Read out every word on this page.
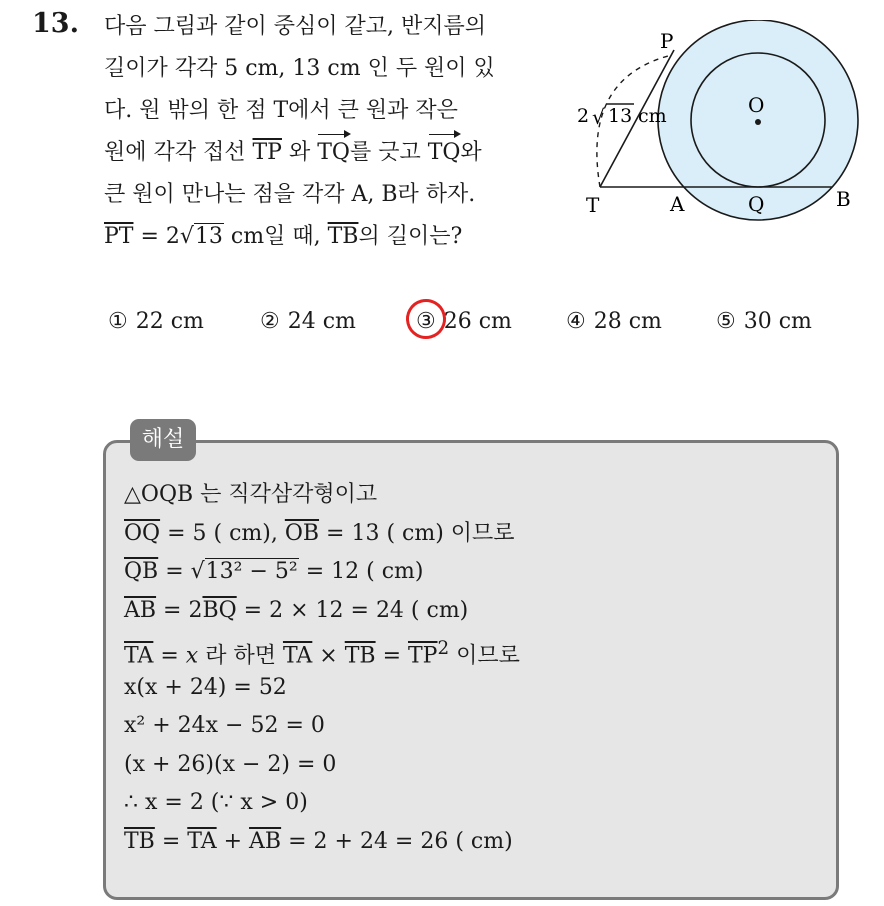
13. 다음 그림과 같이 중심이 같고, 반지름의
길이가 각각 5 cm, 13 cm 인 두 원이 있
다. 원 밖의 한 점 T에서 큰 원과 작은
원에 각각 접선 $\overline{TP}$ 와 TQ를 긋고 TQ와
큰 원이 만나는 점을 각각 A, B라 하자.
$\overline{PT} = 2√13$ cm일 때, $\overline{TB}$의 길이는?
P
O
T	A	Q	B
2 √ 13 cm
① 22 cm	② 24 cm	③ 26 cm ④ 28 cm ⑤ 30 cm
해설
△OQB 는 직각삼각형이고
$\overline{OQ} = 5$ ( cm), $\overline{OB} = 13$ ( cm) 이므로
$\overline{QB} = √13^2 - 5^2 = 12$ ( cm)
$\overline{AB} = 2\overline{BQ} = 2 \times 12 = 24$ ( cm)
$\overline{TA} = x$ 라 하면 $\overline{TA} \times \overline{TB} = \overline{TP}^2$ 이므로
x(x + 24) = 52
x² + 24x − 52 = 0
(x + 26)(x − 2) = 0
∴ x = 2 (∵ x > 0)
$\overline{TB} = \overline{TA} + \overline{AB} = 2 + 24 = 26$ ( cm)
